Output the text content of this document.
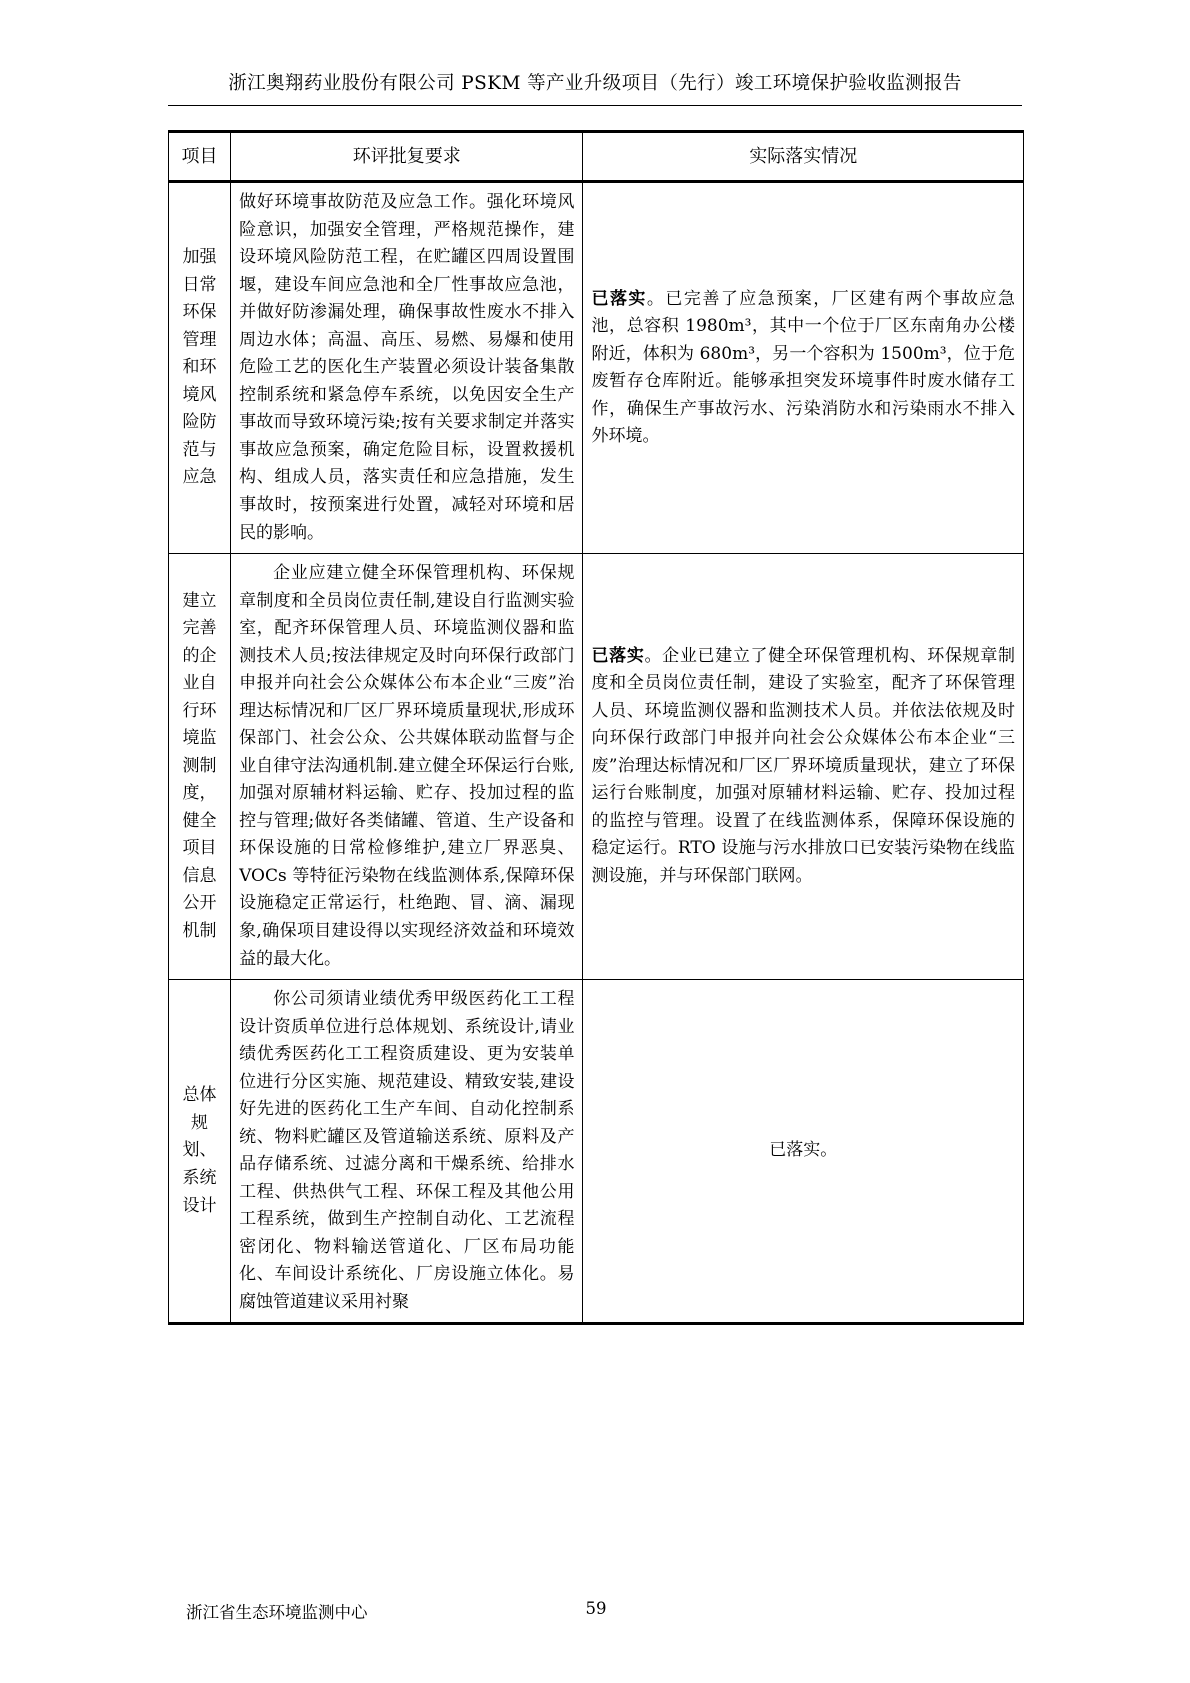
浙江奥翔药业股份有限公司 PSKM 等产业升级项目（先行）竣工环境保护验收监测报告
项目	环评批复要求	实际落实情况
加强日常环保管理和环境风险防范与应急	做好环境事故防范及应急工作。强化环境风险意识，加强安全管理，严格规范操作，建设环境风险防范工程，在贮罐区四周设置围堰，建设车间应急池和全厂性事故应急池，并做好防渗漏处理，确保事故性废水不排入周边水体；高温、高压、易燃、易爆和使用危险工艺的医化生产装置必须设计装备集散控制系统和紧急停车系统，以免因安全生产事故而导致环境污染;按有关要求制定并落实事故应急预案，确定危险目标，设置救援机构、组成人员，落实责任和应急措施，发生事故时，按预案进行处置，减轻对环境和居民的影响。	已落实。已完善了应急预案，厂区建有两个事故应急池，总容积 1980m³，其中一个位于厂区东南角办公楼附近，体积为 680m³，另一个容积为 1500m³，位于危废暂存仓库附近。能够承担突发环境事件时废水储存工作，确保生产事故污水、污染消防水和污染雨水不排入外环境。
建立完善的企业自行环境监测制度，健全项目信息公开机制	企业应建立健全环保管理机构、环保规章制度和全员岗位责任制,建设自行监测实验室，配齐环保管理人员、环境监测仪器和监测技术人员;按法律规定及时向环保行政部门申报并向社会公众媒体公布本企业“三废”治理达标情况和厂区厂界环境质量现状,形成环保部门、社会公众、公共媒体联动监督与企业自律守法沟通机制.建立健全环保运行台账,加强对原辅材料运输、贮存、投加过程的监控与管理;做好各类储罐、管道、生产设备和环保设施的日常检修维护,建立厂界恶臭、VOCs 等特征污染物在线监测体系,保障环保设施稳定正常运行，杜绝跑、冒、滴、漏现象,确保项目建设得以实现经济效益和环境效益的最大化。	已落实。企业已建立了健全环保管理机构、环保规章制度和全员岗位责任制，建设了实验室，配齐了环保管理人员、环境监测仪器和监测技术人员。并依法依规及时向环保行政部门申报并向社会公众媒体公布本企业“三废”治理达标情况和厂区厂界环境质量现状，建立了环保运行台账制度，加强对原辅材料运输、贮存、投加过程的监控与管理。设置了在线监测体系，保障环保设施的稳定运行。RTO 设施与污水排放口已安装污染物在线监测设施，并与环保部门联网。
总体规划、系统设计	你公司须请业绩优秀甲级医药化工工程设计资质单位进行总体规划、系统设计,请业绩优秀医药化工工程资质建设、更为安装单位进行分区实施、规范建设、精致安装,建设好先进的医药化工生产车间、自动化控制系统、物料贮罐区及管道输送系统、原料及产品存储系统、过滤分离和干燥系统、给排水工程、供热供气工程、环保工程及其他公用工程系统，做到生产控制自动化、工艺流程密闭化、物料输送管道化、厂区布局功能化、车间设计系统化、厂房设施立体化。易腐蚀管道建议采用衬聚	已落实。
浙江省生态环境监测中心	59
